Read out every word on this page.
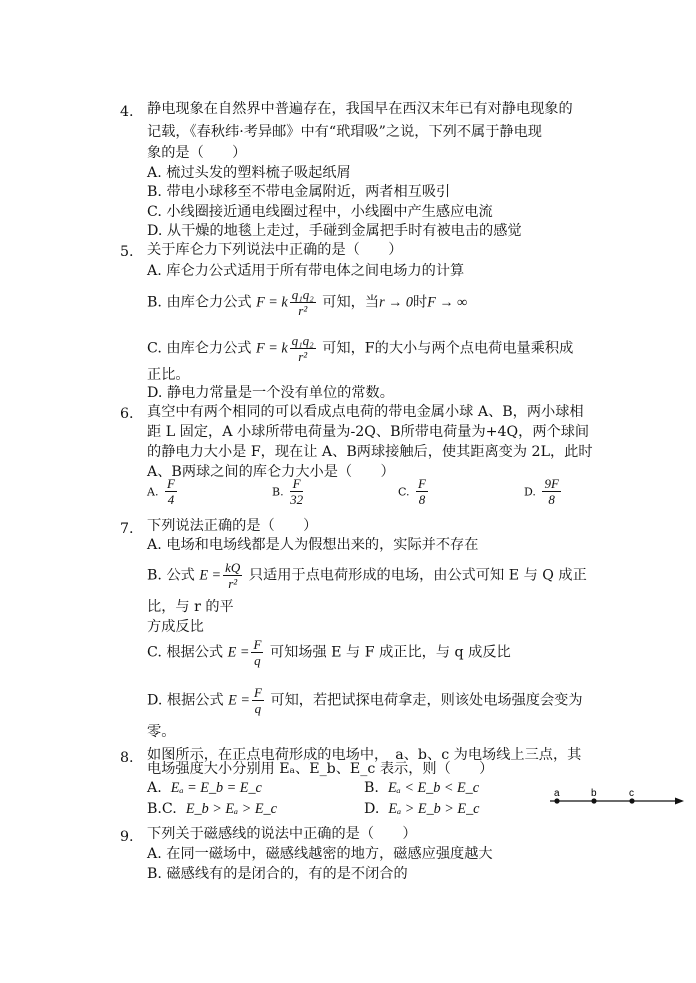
4. 静电现象在自然界中普遍存在，我国早在西汉末年已有对静电现象的
记载，《春秋纬·考异邮》中有“玳瑁吸”之说，下列不属于静电现
象的是（　　）
A. 梳过头发的塑料梳子吸起纸屑
B. 带电小球移至不带电金属附近，两者相互吸引
C. 小线圈接近通电线圈过程中，小线圈中产生感应电流
D. 从干燥的地毯上走过，手碰到金属把手时有被电击的感觉
5. 关于库仑力下列说法中正确的是（　　）
A. 库仑力公式适用于所有带电体之间电场力的计算
B. 由库仑力公式 F = k $\frac{\text{q₁q₂}}{\text{r²}}$ 可知，当r → 0时F → ∞
C. 由库仑力公式 F = k $\frac{\text{q₁q₂}}{\text{r²}}$ 可知，F的大小与两个点电荷电量乘积成
正比。
D. 静电力常量是一个没有单位的常数。
6. 真空中有两个相同的可以看成点电荷的带电金属小球 A、B，两小球相
距 L 固定，A 小球所带电荷量为-2Q、B所带电荷量为+4Q，两个球间
的静电力大小是 F，现在让 A、B两球接触后，使其距离变为 2L，此时
A、B两球之间的库仑力大小是（　　）
A. $\frac{F}{4}$	B. $\frac{F}{32}$	C. $\frac{F}{8}$	D. $\frac{9F}{8}$
7. 下列说法正确的是（　　）
A. 电场和电场线都是人为假想出来的，实际并不存在
B. 公式 $E = \frac{kQ}{\text{r²}}$ 只适用于点电荷形成的电场，由公式可知 E 与 Q 成正
比，与 r 的平
方成反比
C. 根据公式 $E = \frac{F}{q}$ 可知场强 E 与 F 成正比，与 q 成反比
D. 根据公式 $E = \frac{F}{q}$ 可知，若把试探电荷拿走，则该处电场强度会变为
零。
8. 如图所示，在正点电荷形成的电场中，　a、b、c 为电场线上三点，其
电场强度大小分别用 Eₐ、E_b、E_c 表示，则（　　）
A. Eₐ = E_b = E_c	B. Eₐ < E_b < E_c
B.C. E_b > Eₐ > E_c	D. Eₐ > E_b > E_c
a	b	c
9. 下列关于磁感线的说法中正确的是（　　）
A. 在同一磁场中，磁感线越密的地方，磁感应强度越大
B. 磁感线有的是闭合的，有的是不闭合的
